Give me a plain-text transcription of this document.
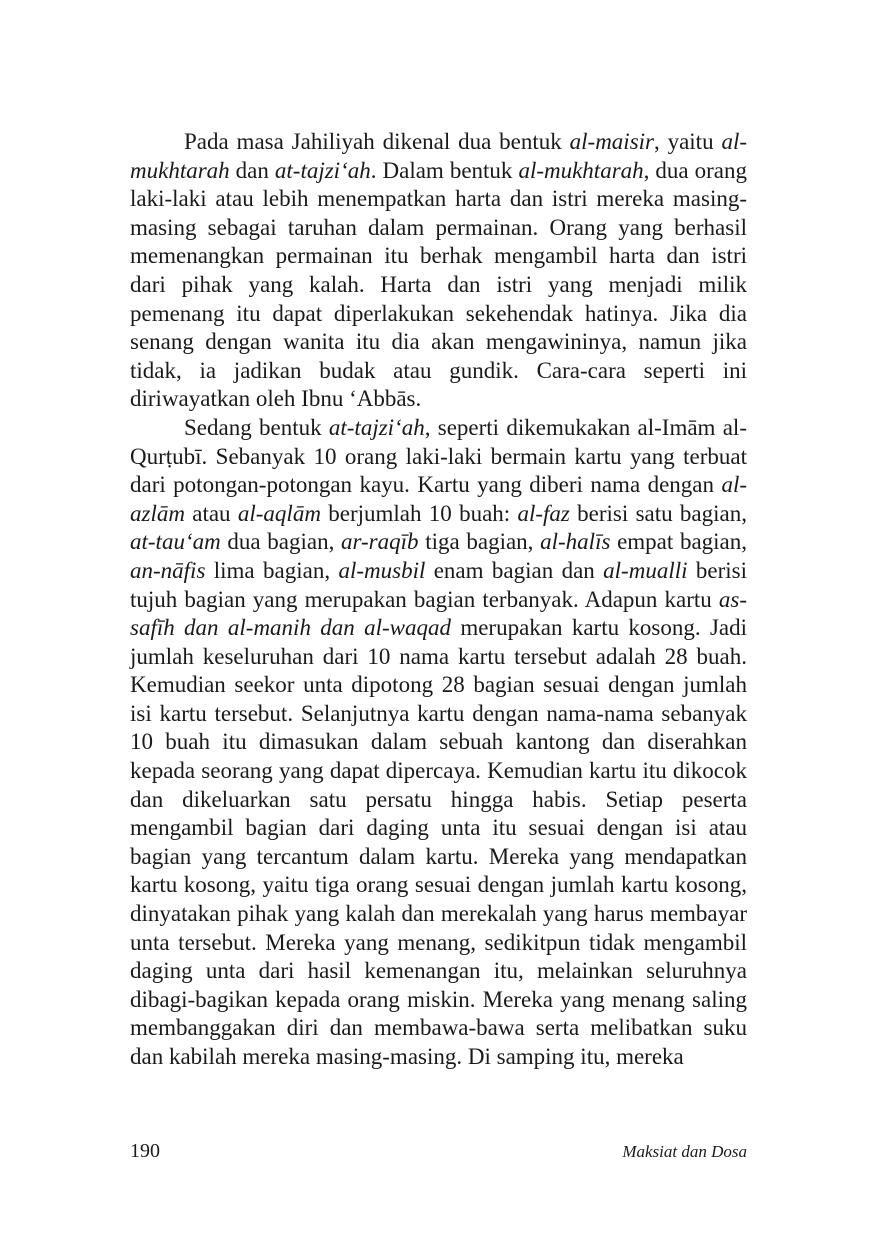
Pada masa Jahiliyah dikenal dua bentuk al-maisir, yaitu al-mukhtarah dan at-tajzi‘ah. Dalam bentuk al-mukhtarah, dua orang laki-laki atau lebih menempatkan harta dan istri mereka masing-masing sebagai taruhan dalam permainan. Orang yang berhasil memenangkan permainan itu berhak mengambil harta dan istri dari pihak yang kalah. Harta dan istri yang menjadi milik pemenang itu dapat diperlakukan sekehendak hatinya. Jika dia senang dengan wanita itu dia akan mengawininya, namun jika tidak, ia jadikan budak atau gundik. Cara-cara seperti ini diriwayatkan oleh Ibnu ‘Abbās.

Sedang bentuk at-tajzi‘ah, seperti dikemukakan al-Imām al-Qurṭubī. Sebanyak 10 orang laki-laki bermain kartu yang terbuat dari potongan-potongan kayu. Kartu yang diberi nama dengan al-azlām atau al-aqlām berjumlah 10 buah: al-faz berisi satu bagian, at-tau‘am dua bagian, ar-raqīb tiga bagian, al-halīs empat bagian, an-nāfis lima bagian, al-musbil enam bagian dan al-mualli berisi tujuh bagian yang merupakan bagian terbanyak. Adapun kartu as-safīh dan al-manih dan al-waqad merupakan kartu kosong. Jadi jumlah keseluruhan dari 10 nama kartu tersebut adalah 28 buah. Kemudian seekor unta dipotong 28 bagian sesuai dengan jumlah isi kartu tersebut. Selanjutnya kartu dengan nama-nama sebanyak 10 buah itu dimasukan dalam sebuah kantong dan diserahkan kepada seorang yang dapat dipercaya. Kemudian kartu itu dikocok dan dikeluarkan satu persatu hingga habis. Setiap peserta mengambil bagian dari daging unta itu sesuai dengan isi atau bagian yang tercantum dalam kartu. Mereka yang mendapatkan kartu kosong, yaitu tiga orang sesuai dengan jumlah kartu kosong, dinyatakan pihak yang kalah dan merekalah yang harus membayar unta tersebut. Mereka yang menang, sedikitpun tidak mengambil daging unta dari hasil kemenangan itu, melainkan seluruhnya dibagi-bagikan kepada orang miskin. Mereka yang menang saling membanggakan diri dan membawa-bawa serta melibatkan suku dan kabilah mereka masing-masing. Di samping itu, mereka

190	Maksiat dan Dosa
